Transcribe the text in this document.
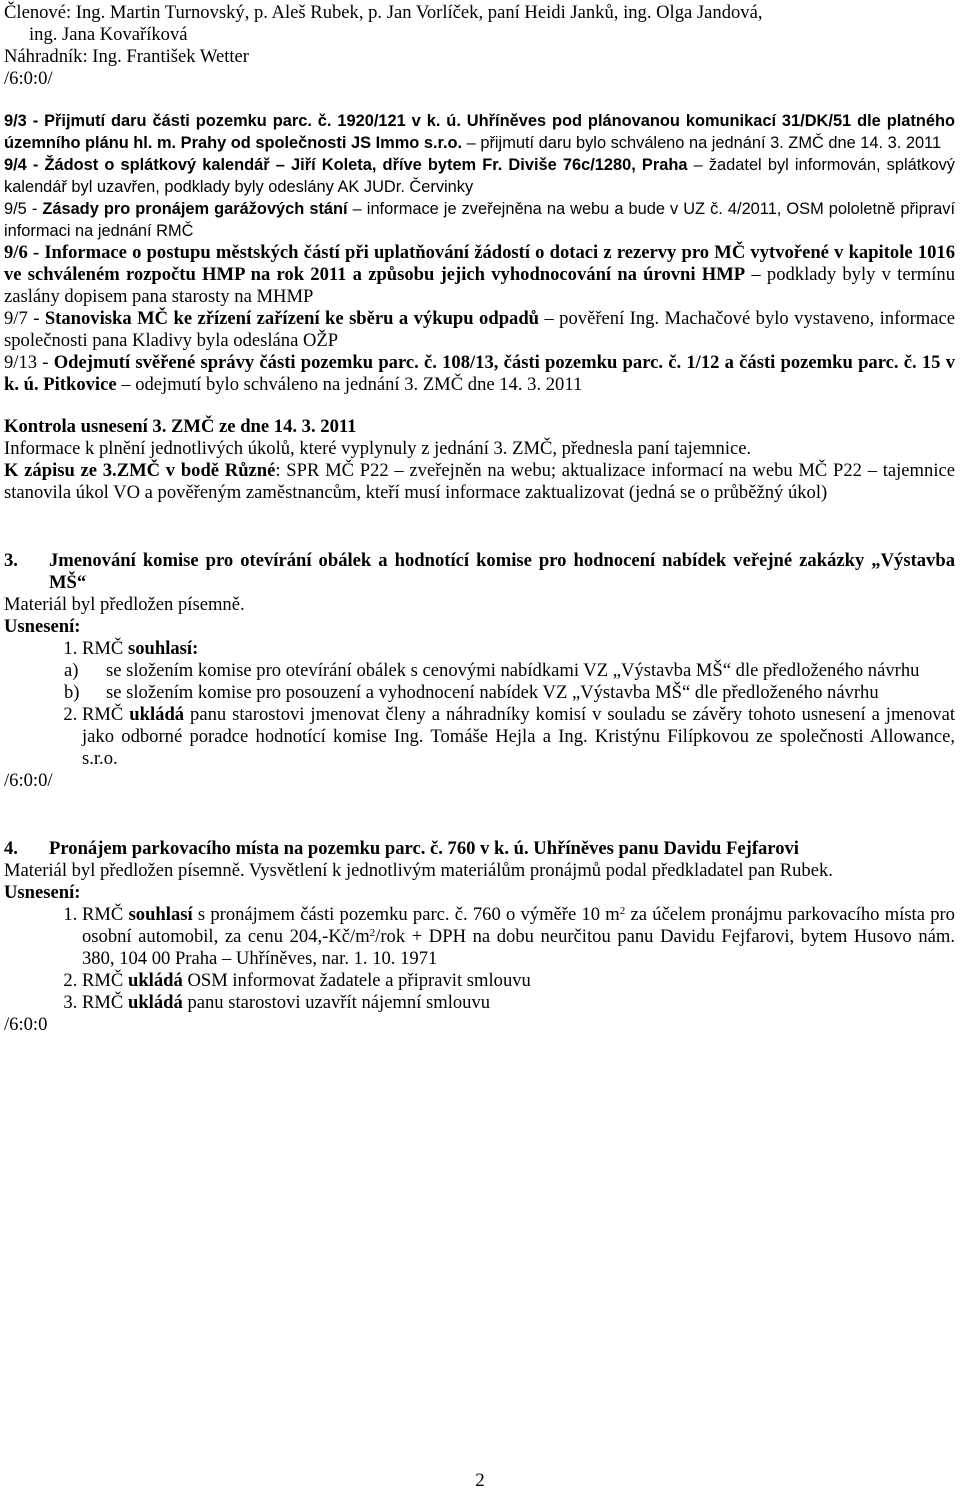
Členové: Ing. Martin Turnovský, p. Aleš Rubek, p. Jan Vorlíček, paní Heidi Janků, ing. Olga Jandová,

ing. Jana Kovaříková

Náhradník: Ing. František Wetter

/6:0:0/

9/3 - Přijmutí daru části pozemku parc. č. 1920/121 v k. ú. Uhříněves pod plánovanou komunikací 31/DK/51 dle platného územního plánu hl. m. Prahy od společnosti JS Immo s.r.o. – přijmutí daru bylo schváleno na jednání 3. ZMČ dne 14. 3. 2011

9/4 - Žádost o splátkový kalendář – Jiří Koleta, dříve bytem Fr. Diviše 76c/1280, Praha – žadatel byl informován, splátkový kalendář byl uzavřen, podklady byly odeslány AK JUDr. Červinky

9/5 - Zásady pro pronájem garážových stání – informace je zveřejněna na webu a bude v UZ č. 4/2011, OSM pololetně připraví informaci na jednání RMČ

9/6 - Informace o postupu městských částí při uplatňování žádostí o dotaci z rezervy pro MČ vytvořené v kapitole 1016 ve schváleném rozpočtu HMP na rok 2011 a způsobu jejich vyhodnocování na úrovni HMP – podklady byly v termínu zaslány dopisem pana starosty na MHMP

9/7 - Stanoviska MČ ke zřízení zařízení ke sběru a výkupu odpadů – pověření Ing. Machačové bylo vystaveno, informace společnosti pana Kladivy byla odeslána OŽP

9/13 - Odejmutí svěřené správy části pozemku parc. č. 108/13, části pozemku parc. č. 1/12 a části pozemku parc. č. 15 v k. ú. Pitkovice – odejmutí bylo schváleno na jednání 3. ZMČ dne 14. 3. 2011

Kontrola usnesení 3. ZMČ ze dne 14. 3. 2011

Informace k plnění jednotlivých úkolů, které vyplynuly z jednání 3. ZMČ, přednesla paní tajemnice.

K zápisu ze 3.ZMČ v bodě Různé: SPR MČ P22 – zveřejněn na webu; aktualizace informací na webu MČ P22 – tajemnice stanovila úkol VO a pověřeným zaměstnancům, kteří musí informace zaktualizovat (jedná se o průběžný úkol)

3.	Jmenování komise pro otevírání obálek a hodnotící komise pro hodnocení nabídek veřejné zakázky „Výstavba MŠ“

Materiál byl předložen písemně.

Usnesení:

1. RMČ souhlasí:
a)	se složením komise pro otevírání obálek s cenovými nabídkami VZ „Výstavba MŠ“ dle předloženého návrhu
b)	se složením komise pro posouzení a vyhodnocení nabídek VZ „Výstavba MŠ“ dle předloženého návrhu
2. RMČ ukládá panu starostovi jmenovat členy a náhradníky komisí v souladu se závěry tohoto usnesení a jmenovat jako odborné poradce hodnotící komise Ing. Tomáše Hejla a Ing. Kristýnu Filípkovou ze společnosti Allowance, s.r.o.

/6:0:0/

4.	Pronájem parkovacího místa na pozemku parc. č. 760 v k. ú. Uhříněves panu Davidu Fejfarovi

Materiál byl předložen písemně. Vysvětlení k jednotlivým materiálům pronájmů podal předkladatel pan Rubek.

Usnesení:

1. RMČ souhlasí s pronájmem části pozemku parc. č. 760 o výměře 10 $m^2$ za účelem pronájmu parkovacího místa pro osobní automobil, za cenu $204,-Kč/m^2$/rok + DPH na dobu neurčitou panu Davidu Fejfarovi, bytem Husovo nám. 380, 104 00 Praha – Uhříněves, nar. 1. 10. 1971
2. RMČ ukládá OSM informovat žadatele a připravit smlouvu
3. RMČ ukládá panu starostovi uzavřít nájemní smlouvu

/6:0:0

2
